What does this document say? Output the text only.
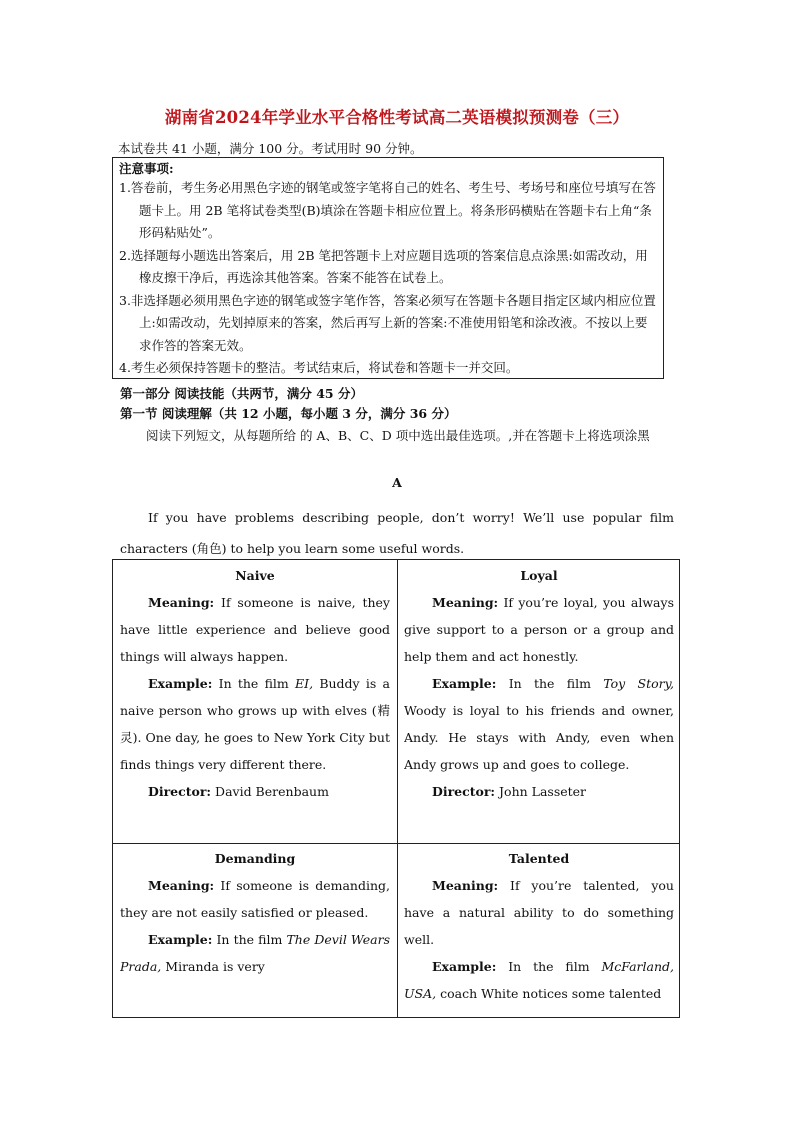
湖南省2024年学业水平合格性考试高二英语模拟预测卷（三）
本试卷共 41 小题，满分 100 分。考试用时 90 分钟。
注意事项:
1.答卷前，考生务必用黑色字迹的钢笔或签字笔将自己的姓名、考生号、考场号和座位号填写在答题卡上。用 2B 笔将试卷类型(B)填涂在答题卡相应位置上。将条形码横贴在答题卡右上角“条形码粘贴处”。
2.选择题每小题选出答案后，用 2B 笔把答题卡上对应题目选项的答案信息点涂黑:如需改动，用橡皮擦干净后，再选涂其他答案。答案不能答在试卷上。
3.非选择题必须用黑色字迹的钢笔或签字笔作答，答案必须写在答题卡各题目指定区域内相应位置上:如需改动，先划掉原来的答案，然后再写上新的答案:不准使用铅笔和涂改液。不按以上要求作答的答案无效。
4.考生必须保持答题卡的整洁。考试结束后，将试卷和答题卡一并交回。
第一部分 阅读技能（共两节，满分 45 分）
第一节 阅读理解（共 12 小题，每小题 3 分，满分 36 分）
阅读下列短文，从每题所给 的 A、B、C、D 项中选出最佳选项。,并在答题卡上将选项涂黑
A
If you have problems describing people, don’t worry! We’ll use popular film characters (角色) to help you learn some useful words.
Naive

Meaning: If someone is naive, they have little experience and believe good things will always happen.

Example: In the film EI, Buddy is a naive person who grows up with elves (精灵). One day, he goes to New York City but finds things very different there.

Director: David Berenbaum

Loyal

Meaning: If you’re loyal, you always give support to a person or a group and help them and act honestly.

Example: In the film Toy Story, Woody is loyal to his friends and owner, Andy. He stays with Andy, even when Andy grows up and goes to college.

Director: John Lasseter

Demanding

Meaning: If someone is demanding, they are not easily satisfied or pleased.

Example: In the film The Devil Wears Prada, Miranda is very

Talented

Meaning: If you’re talented, you have a natural ability to do something well.

Example: In the film McFarland, USA, coach White notices some talented
